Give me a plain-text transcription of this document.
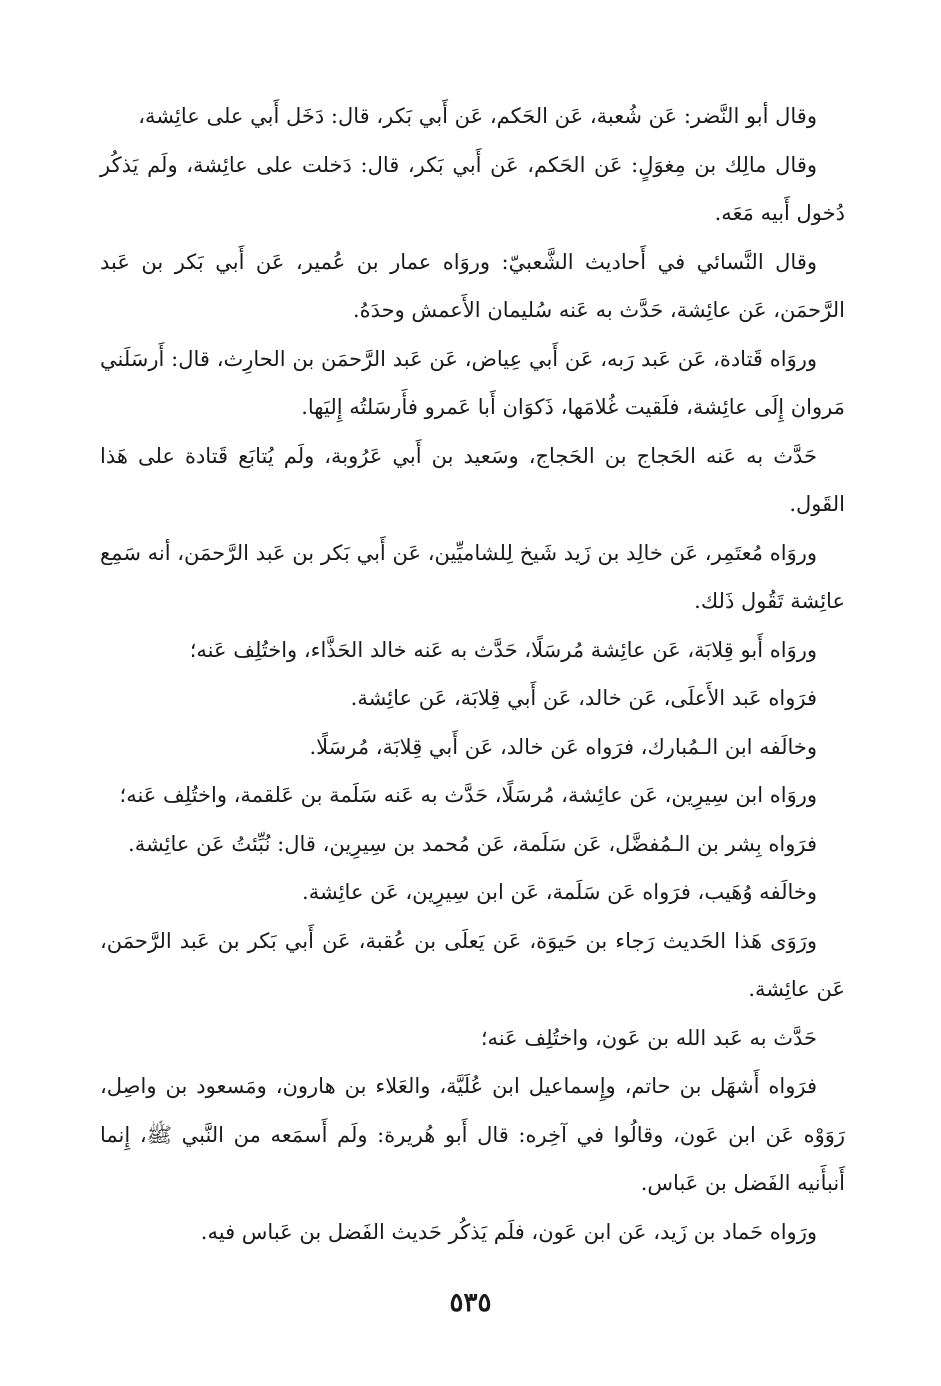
وقال أبو النَّضر: عَن شُعبة، عَن الحَكم، عَن أَبي بَكر، قال: دَخَل أَبي على عائِشة،

وقال مالِك بن مِغوَلٍ: عَن الحَكم، عَن أَبي بَكر، قال: دَخلت على عائِشة، ولَم يَذكُر دُخول أَبيه مَعَه.

وقال النَّسائي في أَحاديث الشَّعبيّ: وروَاه عمار بن عُمير، عَن أَبي بَكر بن عَبد الرَّحمَن، عَن عائِشة، حَدَّث به عَنه سُليمان الأَعمش وحدَهُ.

وروَاه قَتادة، عَن عَبد رَبه، عَن أَبي عِياض، عَن عَبد الرَّحمَن بن الحارِث، قال: أَرسَلَني مَروان إِلَى عائِشة، فلَقيت غُلامَها، ذَكوَان أَبا عَمرو فأَرسَلتُه إِليَها.

حَدَّث به عَنه الحَجاج بن الحَجاج، وسَعيد بن أَبي عَرُوبة، ولَم يُتابَع قَتادة على هَذا القَول.

وروَاه مُعتَمِر، عَن خالِد بن زَيد شَيخ لِلشاميِّين، عَن أَبي بَكر بن عَبد الرَّحمَن، أنه سَمِع عائِشة تَقُول ذَلك.

وروَاه أَبو قِلابَة، عَن عائِشة مُرسَلًا، حَدَّث به عَنه خالد الحَذَّاء، واختُلِف عَنه؛

فرَواه عَبد الأَعلَى، عَن خالد، عَن أَبي قِلابَة، عَن عائِشة.

وخالَفه ابن الـمُبارك، فرَواه عَن خالد، عَن أَبي قِلابَة، مُرسَلًا.

وروَاه ابن سِيرِين، عَن عائِشة، مُرسَلًا، حَدَّث به عَنه سَلَمة بن عَلقمة، واختُلِف عَنه؛

فرَواه بِشر بن الـمُفضَّل، عَن سَلَمة، عَن مُحمد بن سِيرِين، قال: نُبِّئتُ عَن عائِشة.

وخالَفه وُهَيب، فرَواه عَن سَلَمة، عَن ابن سِيرِين، عَن عائِشة.

ورَوَى هَذا الحَديث رَجاء بن حَيوَة، عَن يَعلَى بن عُقبة، عَن أَبي بَكر بن عَبد الرَّحمَن، عَن عائِشة.

حَدَّث به عَبد الله بن عَون، واختُلِف عَنه؛

فرَواه أَشهَل بن حاتم، وإِسماعيل ابن عُلَيَّة، والعَلاء بن هارون، ومَسعود بن واصِل، رَوَوْه عَن ابن عَون، وقالُوا في آخِره: قال أَبو هُريرة: ولَم أَسمَعه من النَّبي ﷺ، إِنما أَنبأَنيه الفَضل بن عَباس.

ورَواه حَماد بن زَيد، عَن ابن عَون، فلَم يَذكُر حَديث الفَضل بن عَباس فيه.

٥٣٥
